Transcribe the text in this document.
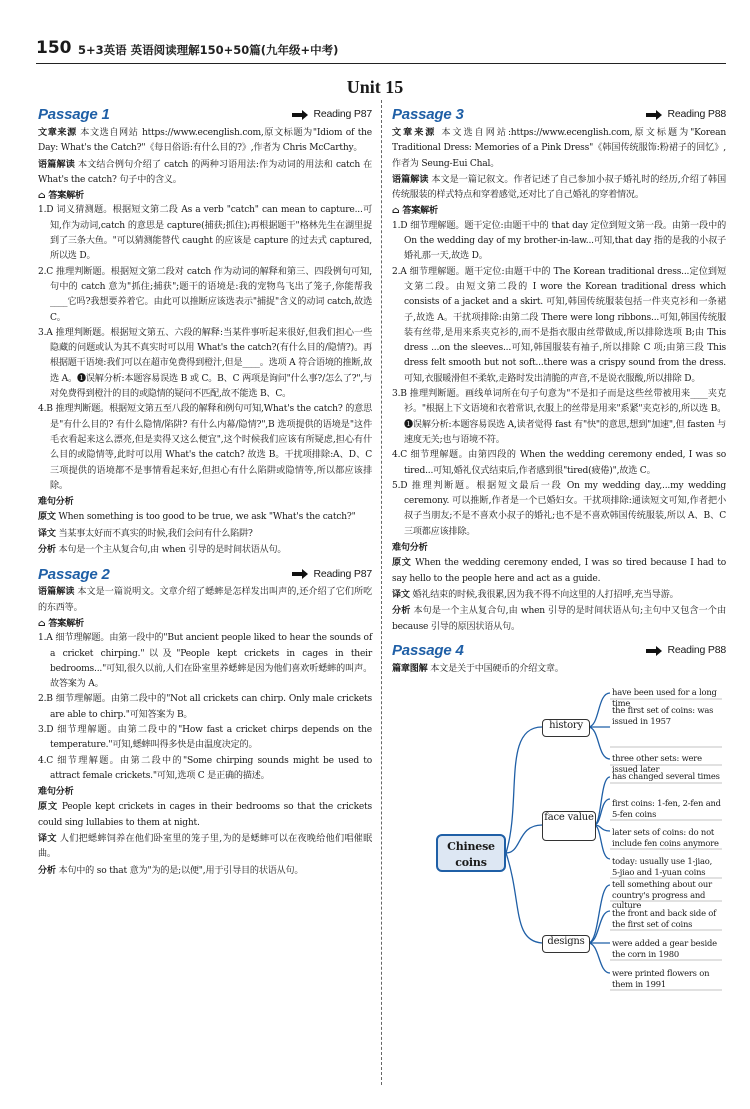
150 5+3英语 英语阅读理解150+50篇(九年级+中考)
Unit 15
Passage 1	Reading P87

文章来源 本文选自网站 https://www.ecenglish.com,原文标题为"Idiom of the Day: What's the Catch?"《每日俗语:有什么目的?》,作者为 Chris McCarthy。

语篇解读 本文结合例句介绍了 catch 的两种习语用法:作为动词的用法和 catch 在 What's the catch? 句子中的含义。

⌂ 答案解析

1.D 词义猜测题。根据短文第二段 As a verb "catch" can mean to capture...可知,作为动词,catch 的意思是 capture(捕获;抓住);再根据题干"格林先生在湖里捉到了三条大鱼。"可以猜测能替代 caught 的应该是 capture 的过去式 captured,所以选 D。

2.C 推理判断题。根据短文第二段对 catch 作为动词的解释和第三、四段例句可知,句中的 catch 意为"抓住;捕获";题干的语境是:我的宠物鸟飞出了笼子,你能帮我____它吗?我想要养着它。由此可以推断应该选表示"捕捉"含义的动词 catch,故选 C。

3.A 推理判断题。根据短文第五、六段的解释:当某件事听起来很好,但我们担心一些隐藏的问题或认为其不真实时可以用 What's the catch?(有什么目的/隐情?)。再根据题干语境:我们可以在超市免费得到橙汁,但是____。选项 A 符合语境的推断,故选 A。❶误解分析:本题容易误选 B 或 C。B、C 两项是询问"什么事?/怎么了?",与对免费得到橙汁的目的或隐情的疑问不匹配,故不能选 B、C。

4.B 推理判断题。根据短文第五至八段的解释和例句可知,What's the catch? 的意思是"有什么目的? 有什么隐情/陷阱? 有什么内幕/隐情?",B 选项提供的语境是"这件毛衣看起来这么漂亮,但是卖得又这么便宜",这个时候我们应该有所疑虑,担心有什么目的或隐情等,此时可以用 What's the catch? 故选 B。干扰项排除:A、D、C 三项提供的语境都不是事情看起来好,但担心有什么陷阱或隐情等,所以都应该排除。

难句分析

原文 When something is too good to be true, we ask "What's the catch?"

译文 当某事太好而不真实的时候,我们会问有什么陷阱?

分析 本句是一个主从复合句,由 when 引导的是时间状语从句。

Passage 2	Reading P87

语篇解读 本文是一篇说明文。文章介绍了蟋蟀是怎样发出叫声的,还介绍了它们所吃的东西等。

⌂ 答案解析

1.A 细节理解题。由第一段中的"But ancient people liked to hear the sounds of a cricket chirping."以及"People kept crickets in cages in their bedrooms..."可知,很久以前,人们在卧室里养蟋蟀是因为他们喜欢听蟋蟀的叫声。故答案为 A。

2.B 细节理解题。由第二段中的"Not all crickets can chirp. Only male crickets are able to chirp."可知答案为 B。

3.D 细节理解题。由第二段中的"How fast a cricket chirps depends on the temperature."可知,蟋蟀叫得多快是由温度决定的。

4.C 细节理解题。由第二段中的"Some chirping sounds might be used to attract female crickets."可知,选项 C 是正确的描述。

难句分析

原文 People kept crickets in cages in their bedrooms so that the crickets could sing lullabies to them at night.

译文 人们把蟋蟀饲养在他们卧室里的笼子里,为的是蟋蟀可以在夜晚给他们唱催眠曲。

分析 本句中的 so that 意为"为的是;以便",用于引导目的状语从句。

Passage 3	Reading P88

文章来源 本文选自网站:https://www.ecenglish.com,原文标题为"Korean Traditional Dress: Memories of a Pink Dress"《韩国传统服饰:粉裙子的回忆》,作者为 Seung-Eui Chal。

语篇解读 本文是一篇记叙文。作者记述了自己参加小叔子婚礼时的经历,介绍了韩国传统服装的样式特点和穿着感觉,还对比了自己婚礼的穿着情况。

⌂ 答案解析

1.D 细节理解题。题干定位:由题干中的 that day 定位到短文第一段。由第一段中的 On the wedding day of my brother-in-law...可知,that day 指的是我的小叔子婚礼那一天,故选 D。

2.A 细节理解题。题干定位:由题干中的 The Korean traditional dress...定位到短文第二段。由短文第二段的 I wore the Korean traditional dress which consists of a jacket and a skirt. 可知,韩国传统服装包括一件夹克衫和一条裙子,故选 A。干扰项排除:由第二段 There were long ribbons...可知,韩国传统服装有丝带,是用来系夹克衫的,而不是指衣服由丝带做成,所以排除选项 B;由 This dress ...on the sleeves...可知,韩国服装有袖子,所以排除 C 项;由第三段 This dress felt smooth but not soft...there was a crispy sound from the dress. 可知,衣服暖滑但不柔软,走路时发出清脆的声音,不是说衣服酸,所以排除 D。

3.B 推理判断题。画线单词所在句子句意为"不是扣子而是这些丝带被用来____夹克衫。"根据上下文语境和衣着常识,衣服上的丝带是用来"系紧"夹克衫的,所以选 B。❶误解分析:本题容易误选 A,读者觉得 fast 有"快"的意思,想到"加速",但 fasten 与速度无关;也与语境不符。

4.C 细节理解题。由第四段的 When the wedding ceremony ended, I was so tired...可知,婚礼仪式结束后,作者感到很"tired(疲倦)",故选 C。

5.D 推理判断题。根据短文最后一段 On my wedding day,...my wedding ceremony. 可以推断,作者是一个已婚妇女。干扰项排除:通读短文可知,作者把小叔子当朋友;不是不喜欢小叔子的婚礼;也不是不喜欢韩国传统服装,所以 A、B、C 三项都应该排除。

难句分析

原文 When the wedding ceremony ended, I was so tired because I had to say hello to the people here and act as a guide.

译文 婚礼结束的时候,我很累,因为我不得不向这里的人打招呼,充当导游。

分析 本句是一个主从复合句,由 when 引导的是时间状语从句;主句中又包含一个由 because 引导的原因状语从句。

Passage 4	Reading P88

篇章图解 本文是关于中国硬币的介绍文章。

Chinese coins
history
face value
designs
have been used for a long time
the first set of coins: was issued in 1957
three other sets: were issued later
has changed several times
first coins: 1-fen, 2-fen and 5-fen coins
later sets of coins: do not include fen coins anymore
today: usually use 1-jiao, 5-jiao and 1-yuan coins
tell something about our country's progress and culture
the front and back side of the first set of coins
were added a gear beside the corn in 1980
were printed flowers on them in 1991
